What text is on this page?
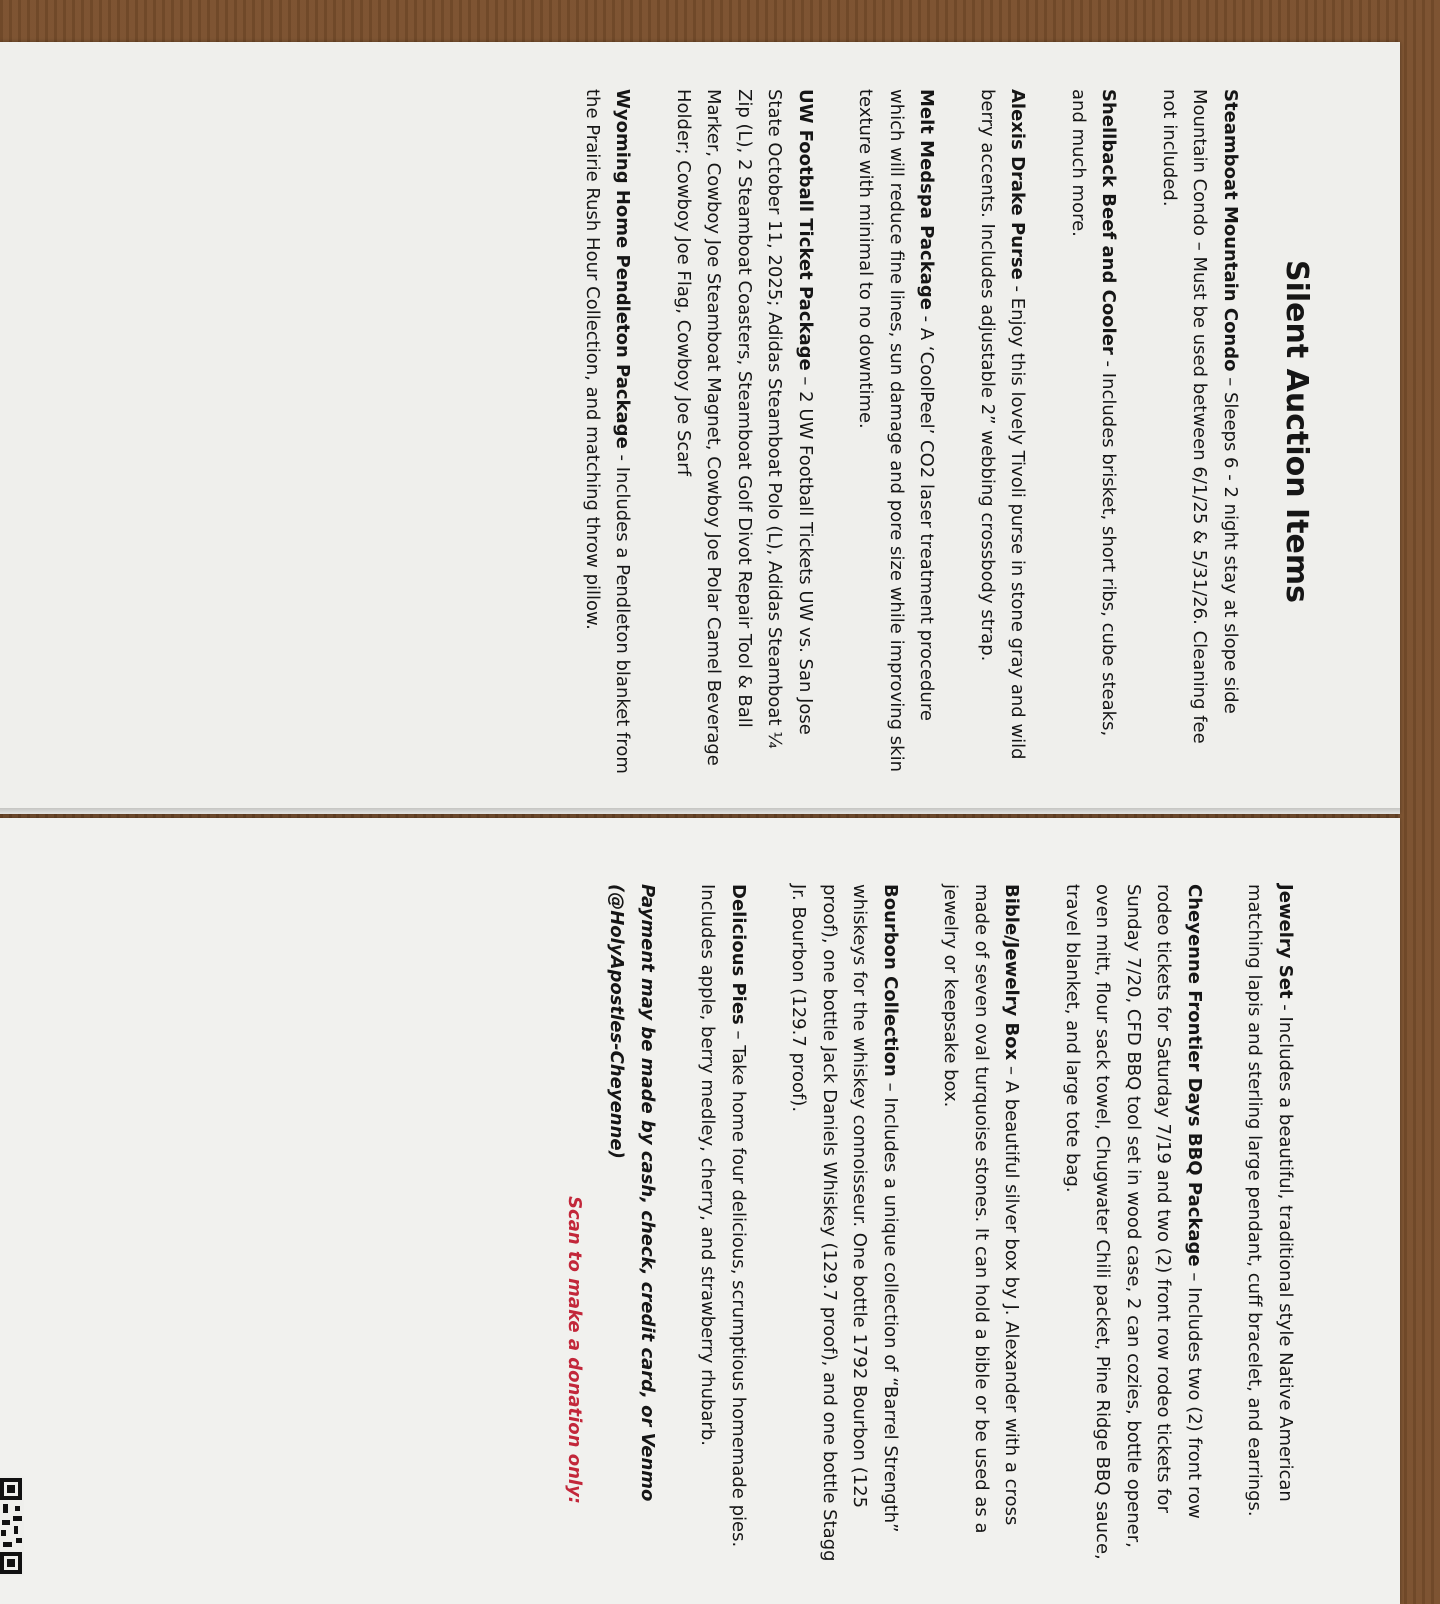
Silent Auction Items
Steamboat Mountain Condo – Sleeps 6 - 2 night stay at slope side Mountain Condo – Must be used between 6/1/25 & 5/31/26. Cleaning fee not included.
Shellback Beef and Cooler - Includes brisket, short ribs, cube steaks, and much more.
Alexis Drake Purse - Enjoy this lovely Tivoli purse in stone gray and wild berry accents. Includes adjustable 2” webbing crossbody strap.
Melt Medspa Package - A ‘CoolPeel’ CO2 laser treatment procedure which will reduce fine lines, sun damage and pore size while improving skin texture with minimal to no downtime.
UW Football Ticket Package – 2 UW Football Tickets UW vs. San Jose State October 11, 2025; Adidas Steamboat Polo (L), Adidas Steamboat ¼ Zip (L), 2 Steamboat Coasters, Steamboat Golf Divot Repair Tool & Ball Marker, Cowboy Joe Steamboat Magnet, Cowboy Joe Polar Camel Beverage Holder; Cowboy Joe Flag, Cowboy Joe Scarf
Wyoming Home Pendleton Package - Includes a Pendleton blanket from the Prairie Rush Hour Collection, and matching throw pillow.
Jewelry Set - Includes a beautiful, traditional style Native American matching lapis and sterling large pendant, cuff bracelet, and earrings.
Cheyenne Frontier Days BBQ Package – Includes two (2) front row rodeo tickets for Saturday 7/19 and two (2) front row rodeo tickets for Sunday 7/20, CFD BBQ tool set in wood case, 2 can cozies, bottle opener, oven mitt, flour sack towel, Chugwater Chili packet, Pine Ridge BBQ sauce, travel blanket, and large tote bag.
Bible/Jewelry Box – A beautiful silver box by J. Alexander with a cross made of seven oval turquoise stones. It can hold a bible or be used as a jewelry or keepsake box.
Bourbon Collection – Includes a unique collection of “Barrel Strength” whiskeys for the whiskey connoisseur. One bottle 1792 Bourbon (125 proof), one bottle Jack Daniels Whiskey (129.7 proof), and one bottle Stagg Jr. Bourbon (129.7 proof).
Delicious Pies – Take home four delicious, scrumptious homemade pies. Includes apple, berry medley, cherry, and strawberry rhubarb.
Payment may be made by cash, check, credit card, or Venmo (@HolyApostles-Cheyenne)
Scan to make a donation only:
